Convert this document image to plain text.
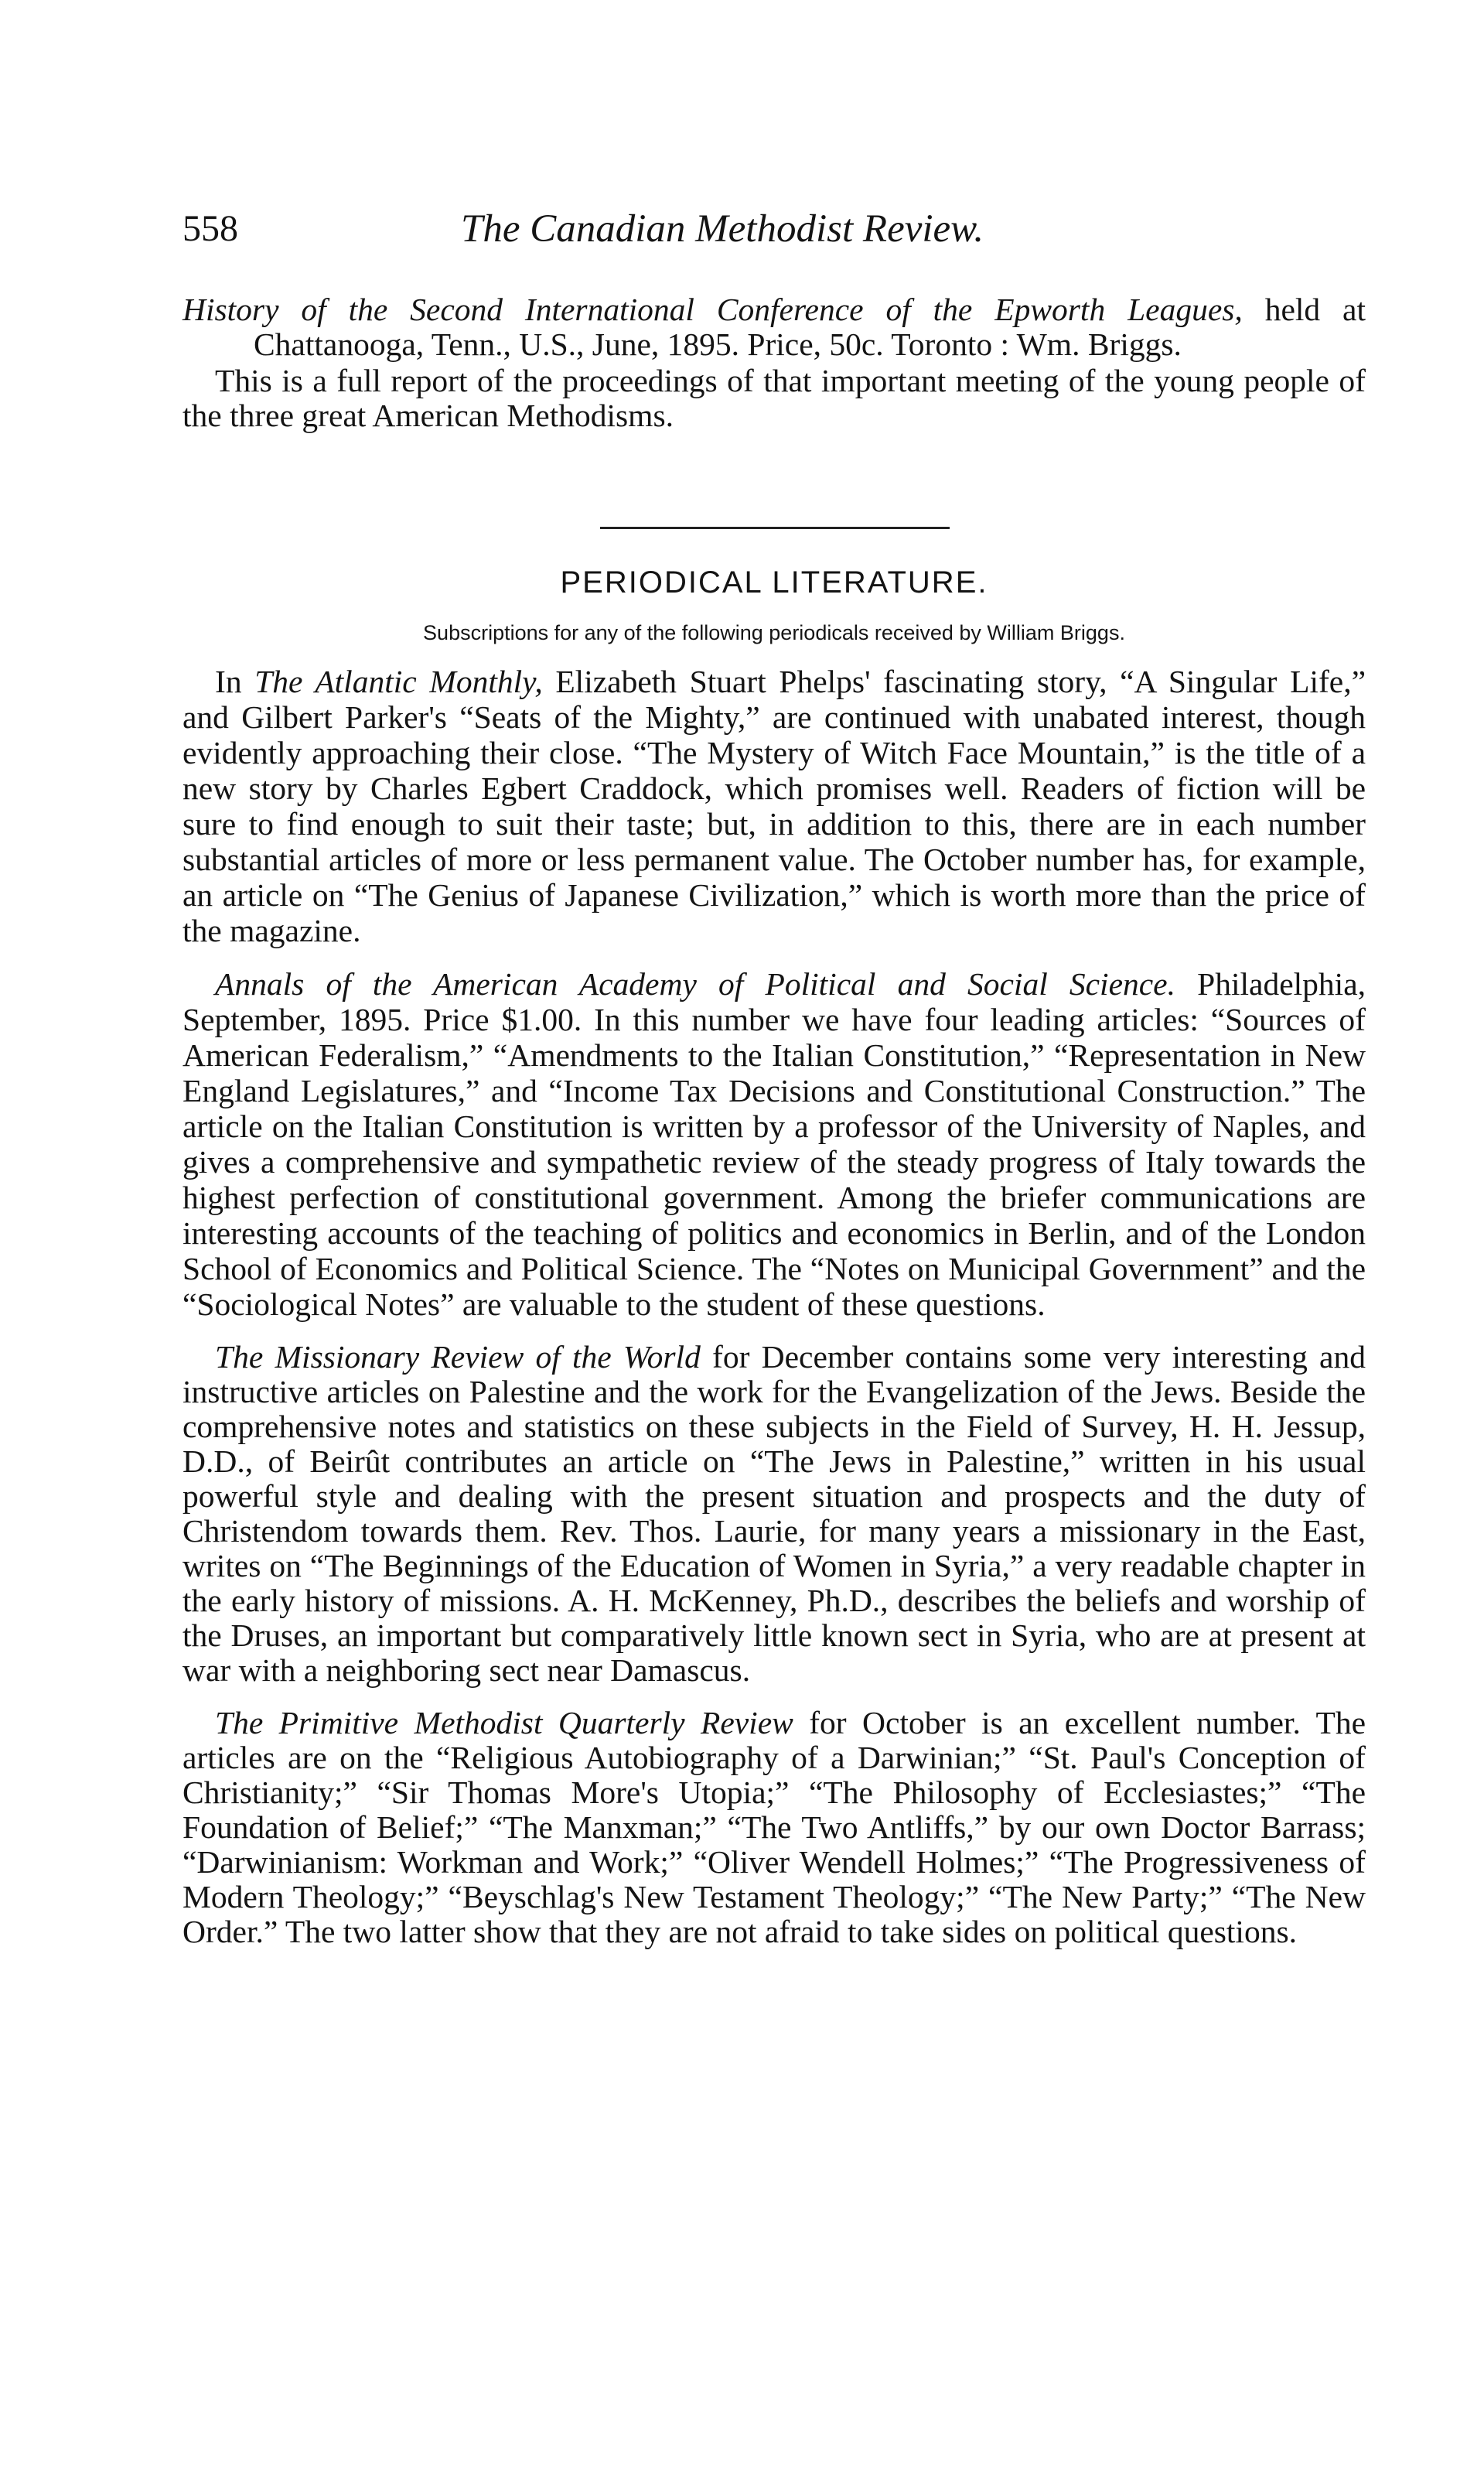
558	The Canadian Methodist Review.

History of the Second International Conference of the Epworth Leagues, held at Chattanooga, Tenn., U.S., June, 1895. Price, 50c. Toronto : Wm. Briggs.

This is a full report of the proceedings of that important meeting of the young people of the three great American Methodisms.

PERIODICAL LITERATURE.

Subscriptions for any of the following periodicals received by William Briggs.

In The Atlantic Monthly, Elizabeth Stuart Phelps' fascinating story, “A Singular Life,” and Gilbert Parker's “Seats of the Mighty,” are continued with unabated interest, though evidently approaching their close. “The Mystery of Witch Face Mountain,” is the title of a new story by Charles Egbert Craddock, which promises well. Readers of fiction will be sure to find enough to suit their taste; but, in addition to this, there are in each number substantial articles of more or less permanent value. The October number has, for example, an article on “The Genius of Japanese Civilization,” which is worth more than the price of the magazine.

Annals of the American Academy of Political and Social Science. Philadelphia, September, 1895. Price $1.00. In this number we have four leading articles: “Sources of American Federalism,” “Amendments to the Italian Constitution,” “Representation in New England Legislatures,” and “Income Tax Decisions and Constitutional Construction.” The article on the Italian Constitution is written by a professor of the University of Naples, and gives a comprehensive and sympathetic review of the steady progress of Italy towards the highest perfection of constitutional government. Among the briefer communications are interesting accounts of the teaching of politics and economics in Berlin, and of the London School of Economics and Political Science. The “Notes on Municipal Government” and the “Sociological Notes” are valuable to the student of these questions.

The Missionary Review of the World for December contains some very interesting and instructive articles on Palestine and the work for the Evangelization of the Jews. Beside the comprehensive notes and statistics on these subjects in the Field of Survey, H. H. Jessup, D.D., of Beirût contributes an article on “The Jews in Palestine,” written in his usual powerful style and dealing with the present situation and prospects and the duty of Christendom towards them. Rev. Thos. Laurie, for many years a missionary in the East, writes on “The Beginnings of the Education of Women in Syria,” a very readable chapter in the early history of missions. A. H. McKenney, Ph.D., describes the beliefs and worship of the Druses, an important but comparatively little known sect in Syria, who are at present at war with a neighboring sect near Damascus.

The Primitive Methodist Quarterly Review for October is an excellent number. The articles are on the “Religious Autobiography of a Darwinian;” “St. Paul's Conception of Christianity;” “Sir Thomas More's Utopia;” “The Philosophy of Ecclesiastes;” “The Foundation of Belief;” “The Manxman;” “The Two Antliffs,” by our own Doctor Barrass; “Darwinianism: Workman and Work;” “Oliver Wendell Holmes;” “The Progressiveness of Modern Theology;” “Beyschlag's New Testament Theology;” “The New Party;” “The New Order.” The two latter show that they are not afraid to take sides on political questions.
